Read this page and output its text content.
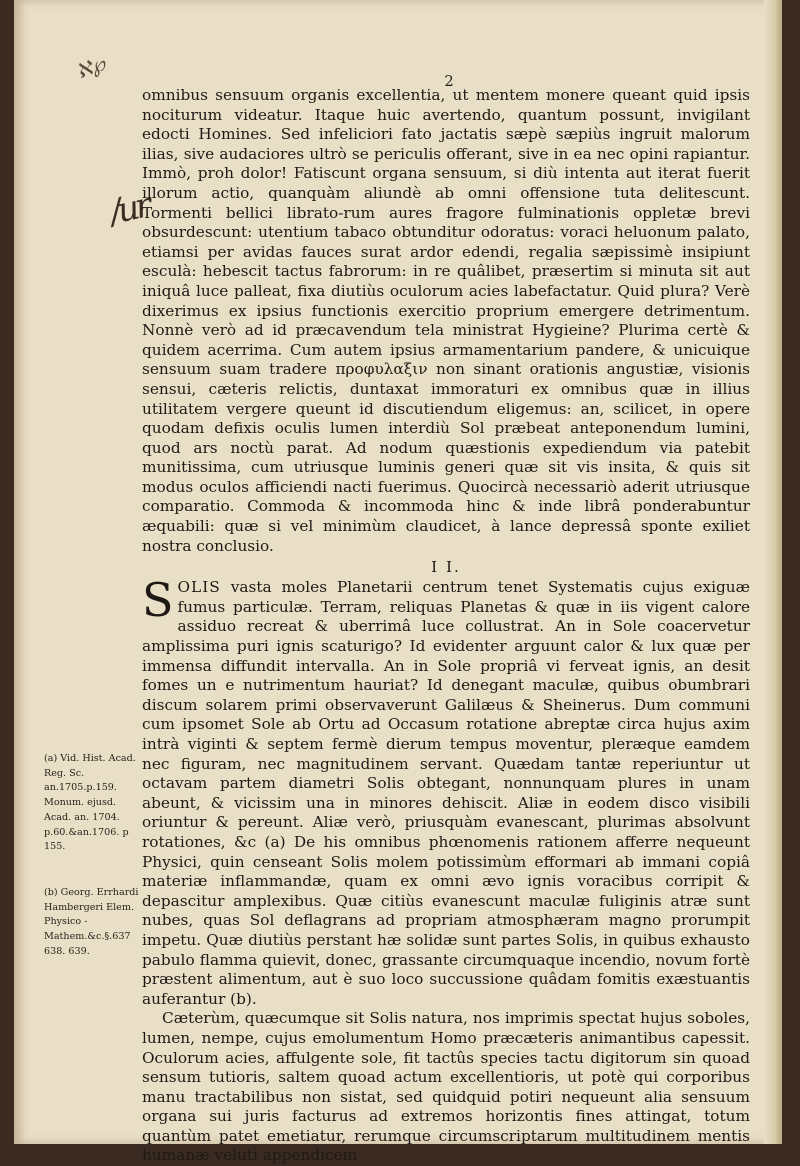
ℵ℘
/ur
2

omnibus sensuum organis excellentia, ut mentem monere queant quid ipsis nociturum videatur. Itaque huic avertendo, quantum possunt, invigilant edocti Homines. Sed infeliciori fato jactatis sæpè sæpiùs ingruit malorum ilias, sive audaciores ultrò se periculis offerant, sive in ea nec opini rapiantur. Immò, proh dolor! Fatiscunt organa sensuum, si diù intenta aut iterat fuerit illorum actio, quanquàm aliundè ab omni offensione tuta delitescunt. Tormenti bellici librato-rum aures fragore fulminationis oppletæ brevi obsurdescunt: utentium tabaco obtunditur odoratus: voraci heluonum palato, etiamsi per avidas fauces surat ardor edendi, regalia sæpissimè insipiunt esculà: hebescit tactus fabrorum: in re quâlibet, præsertim si minuta sit aut iniquâ luce palleat, fixa diutiùs oculorum acies labefactatur. Quid plura? Verè dixerimus ex ipsius functionis exercitio proprium emergere detrimentum. Nonnè verò ad id præcavendum tela ministrat Hygieine? Plurima certè & quidem acerrima. Cum autem ipsius armamentarium pandere, & unicuique sensuum suam tradere προφυλαξιν non sinant orationis angustiæ, visionis sensui, cæteris relictis, duntaxat immoraturi ex omnibus quæ in illius utilitatem vergere queunt id discutiendum eligemus: an, scilicet, in opere quodam defixis oculis lumen interdiù Sol præbeat anteponendum lumini, quod ars noctù parat. Ad nodum quæstionis expediendum via patebit munitissima, cum utriusque luminis generi quæ sit vis insita, & quis sit modus oculos afficiendi nacti fuerimus. Quocircà necessariò aderit utriusque comparatio. Commoda & incommoda hinc & inde librâ ponderabuntur æquabili: quæ si vel minimùm claudicet, à lance depressâ sponte exiliet nostra conclusio.

I I.

SOLIS vasta moles Planetarii centrum tenet Systematis cujus exiguæ fumus particulæ. Terram, reliquas Planetas & quæ in iis vigent calore assiduo recreat & uberrimâ luce collustrat. An in Sole coacervetur amplissima puri ignis scaturigo? Id evidenter arguunt calor & lux quæ per immensa diffundit intervalla. An in Sole propriâ vi ferveat ignis, an desit fomes un e nutrimentum hauriat? Id denegant maculæ, quibus obumbrari discum solarem primi observaverunt Galilæus & Sheinerus. Dum communi cum ipsomet Sole ab Ortu ad Occasum rotatione abreptæ circa hujus axim intrà viginti & septem fermè dierum tempus moventur, pleræque eamdem nec figuram, nec magnitudinem servant. Quædam tantæ reperiuntur ut octavam partem diametri Solis obtegant, nonnunquam plures in unam abeunt, & vicissim una in minores dehiscit. Aliæ in eodem disco visibili oriuntur & pereunt. Aliæ verò, priusquàm evanescant, plurimas absolvunt rotationes, &c (a) De his omnibus phœnomenis rationem afferre nequeunt Physici, quin censeant Solis molem potissimùm efformari ab immani copiâ materiæ inflammandæ, quam ex omni ævo ignis voracibus corripit & depascitur amplexibus. Quæ citiùs evanescunt maculæ fuliginis atræ sunt nubes, quas Sol deflagrans ad propriam atmosphæram magno prorumpit impetu. Quæ diutiùs perstant hæ solidæ sunt partes Solis, in quibus exhausto pabulo flamma quievit, donec, grassante circumquaque incendio, novum fortè præstent alimentum, aut è suo loco succussione quâdam fomitis exæstuantis auferantur (b).

Cæterùm, quæcumque sit Solis natura, nos imprimis spectat hujus soboles, lumen, nempe, cujus emolumentum Homo præcæteris animantibus capessit. Oculorum acies, affulgente sole, fit tactûs species tactu digitorum sin quoad sensum tutioris, saltem quoad actum excellentioris, ut potè qui corporibus manu tractabilibus non sistat, sed quidquid potiri nequeunt alia sensuum organa sui juris facturus ad extremos horizontis fines attingat, totum quantùm patet emetiatur, rerumque circumscriptarum multitudinem mentis humanæ veluti appendicem

(a) Vid. Hist. Acad. Reg. Sc. an.1705.p.159. Monum. ejusd. Acad. an. 1704. p.60.&an.1706. p 155.
(b) Georg. Errhardi Hambergeri Elem. Physico - Mathem.&c.§.637 638. 639.
